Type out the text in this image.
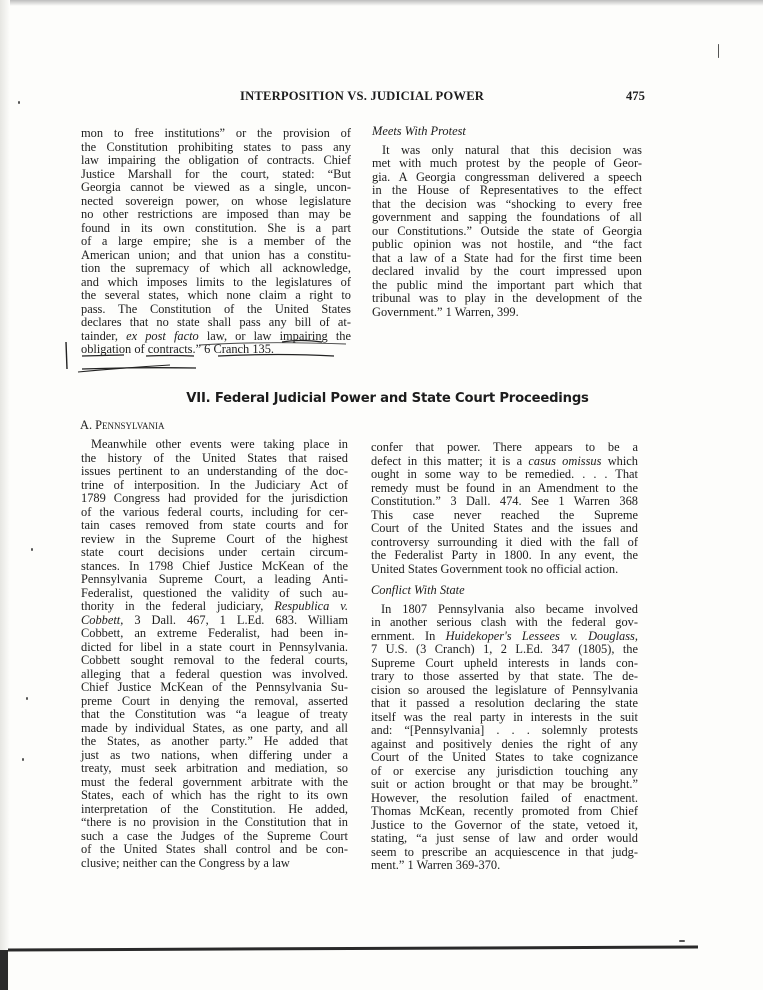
INTERPOSITION VS. JUDICIAL POWER	475
mon to free institutions” or the provision of
the Constitution prohibiting states to pass any
law impairing the obligation of contracts. Chief
Justice Marshall for the court, stated: “But
Georgia cannot be viewed as a single, uncon-
nected sovereign power, on whose legislature
no other restrictions are imposed than may be
found in its own constitution. She is a part
of a large empire; she is a member of the
American union; and that union has a constitu-
tion the supremacy of which all acknowledge,
and which imposes limits to the legislatures of
the several states, which none claim a right to
pass. The Constitution of the United States
declares that no state shall pass any bill of at-
tainder, ex post facto law, or law impairing the
obligation of contracts.” 6 Cranch 135.
Meets With Protest
It was only natural that this decision was
met with much protest by the people of Geor-
gia. A Georgia congressman delivered a speech
in the House of Representatives to the effect
that the decision was “shocking to every free
government and sapping the foundations of all
our Constitutions.” Outside the state of Georgia
public opinion was not hostile, and “the fact
that a law of a State had for the first time been
declared invalid by the court impressed upon
the public mind the important part which that
tribunal was to play in the development of the
Government.” 1 Warren, 399.
VII. Federal Judicial Power and State Court Proceedings
A. Pennsylvania
Meanwhile other events were taking place in
the history of the United States that raised
issues pertinent to an understanding of the doc-
trine of interposition. In the Judiciary Act of
1789 Congress had provided for the jurisdiction
of the various federal courts, including for cer-
tain cases removed from state courts and for
review in the Supreme Court of the highest
state court decisions under certain circum-
stances. In 1798 Chief Justice McKean of the
Pennsylvania Supreme Court, a leading Anti-
Federalist, questioned the validity of such au-
thority in the federal judiciary, Respublica v.
Cobbett, 3 Dall. 467, 1 L.Ed. 683. William
Cobbett, an extreme Federalist, had been in-
dicted for libel in a state court in Pennsylvania.
Cobbett sought removal to the federal courts,
alleging that a federal question was involved.
Chief Justice McKean of the Pennsylvania Su-
preme Court in denying the removal, asserted
that the Constitution was “a league of treaty
made by individual States, as one party, and all
the States, as another party.” He added that
just as two nations, when differing under a
treaty, must seek arbitration and mediation, so
must the federal government arbitrate with the
States, each of which has the right to its own
interpretation of the Constitution. He added,
“there is no provision in the Constitution that in
such a case the Judges of the Supreme Court
of the United States shall control and be con-
clusive; neither can the Congress by a law
confer that power. There appears to be a
defect in this matter; it is a casus omissus which
ought in some way to be remedied. . . . That
remedy must be found in an Amendment to the
Constitution.” 3 Dall. 474. See 1 Warren 368
This case never reached the Supreme
Court of the United States and the issues and
controversy surrounding it died with the fall of
the Federalist Party in 1800. In any event, the
United States Government took no official action.
Conflict With State
In 1807 Pennsylvania also became involved
in another serious clash with the federal gov-
ernment. In Huidekoper's Lessees v. Douglass,
7 U.S. (3 Cranch) 1, 2 L.Ed. 347 (1805), the
Supreme Court upheld interests in lands con-
trary to those asserted by that state. The de-
cision so aroused the legislature of Pennsylvania
that it passed a resolution declaring the state
itself was the real party in interests in the suit
and: “[Pennsylvania] . . . solemnly protests
against and positively denies the right of any
Court of the United States to take cognizance
of or exercise any jurisdiction touching any
suit or action brought or that may be brought.”
However, the resolution failed of enactment.
Thomas McKean, recently promoted from Chief
Justice to the Governor of the state, vetoed it,
stating, “a just sense of law and order would
seem to prescribe an acquiescence in that judg-
ment.” 1 Warren 369-370.
